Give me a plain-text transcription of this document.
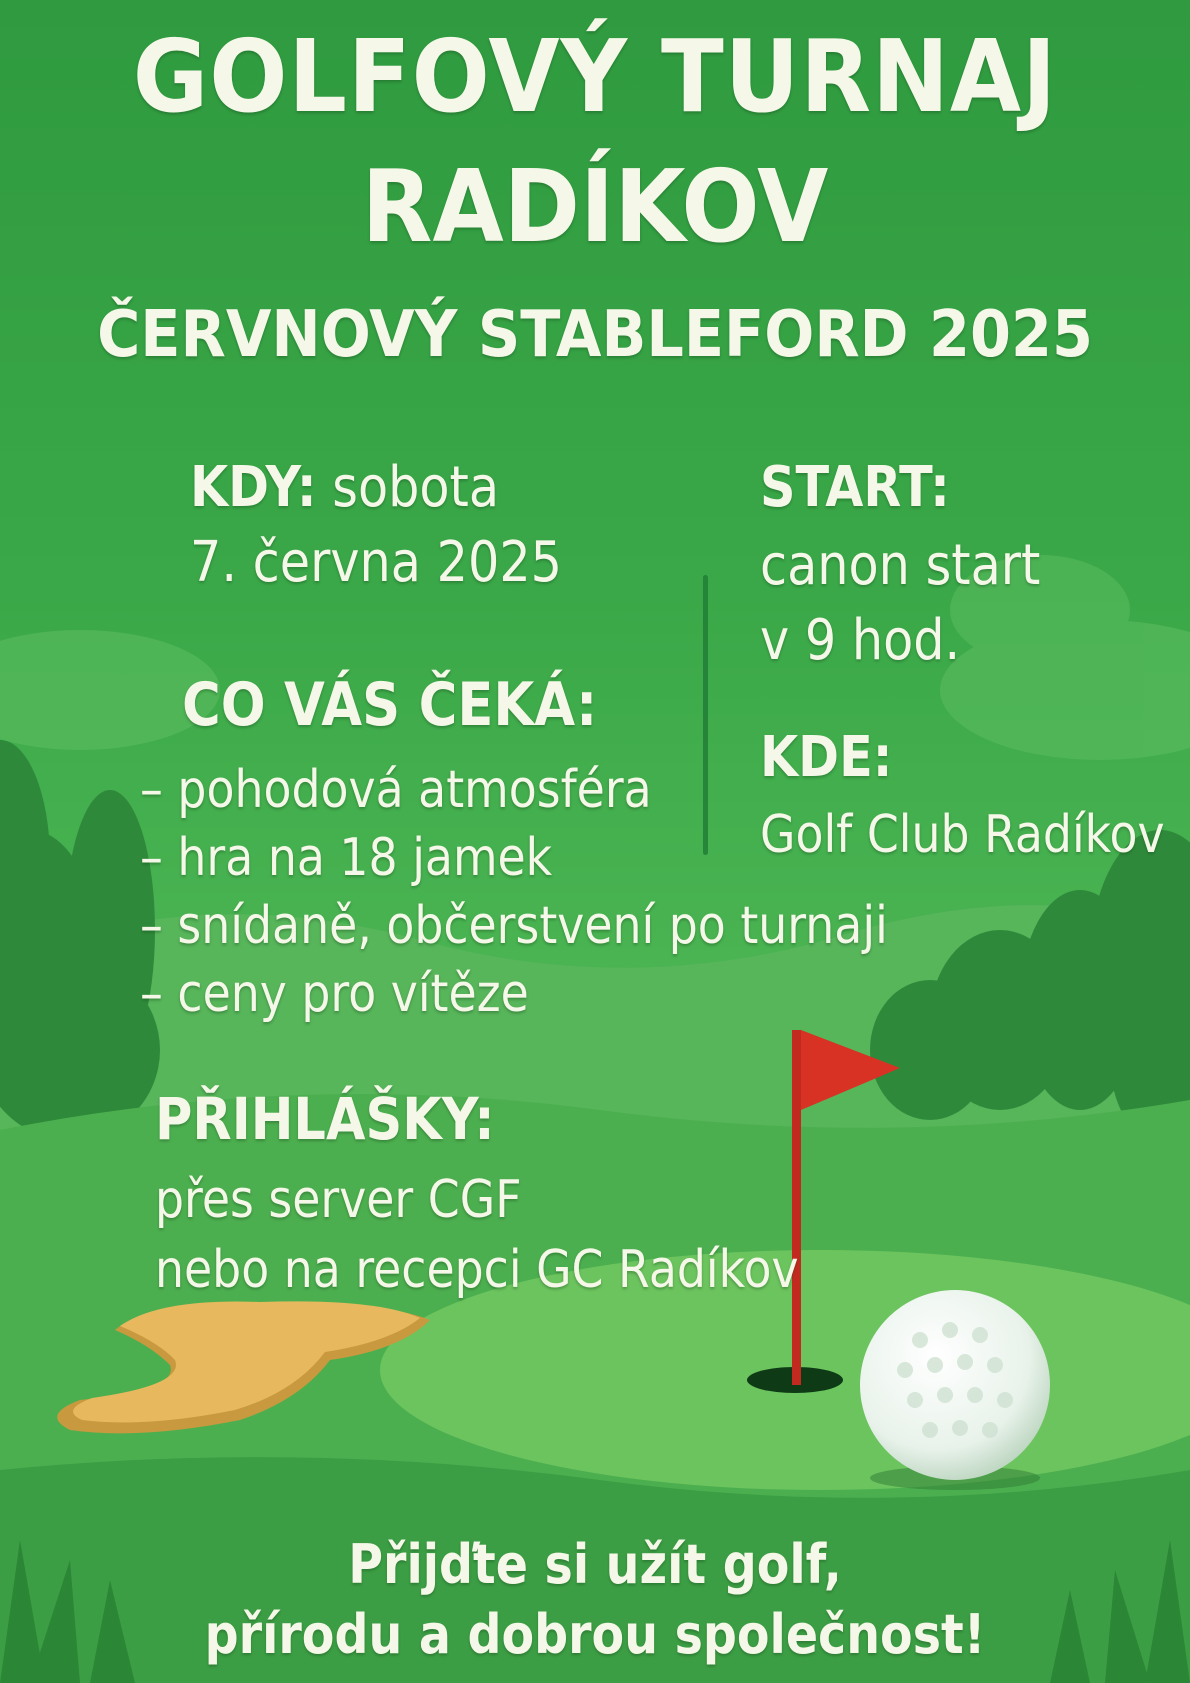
GOLFOVÝ TURNAJ
RADÍKOV
ČERVNOVÝ STABLEFORD 2025
KDY: sobota
7. června 2025
START:
canon start
v 9 hod.
KDE:
Golf Club Radíkov
CO VÁS ČEKÁ:
– pohodová atmosféra
– hra na 18 jamek
– snídaně, občerstvení po turnaji
– ceny pro vítěze
PŘIHLÁŠKY:
přes server CGF
nebo na recepci GC Radíkov
Přijďte si užít golf,
přírodu a dobrou společnost!
